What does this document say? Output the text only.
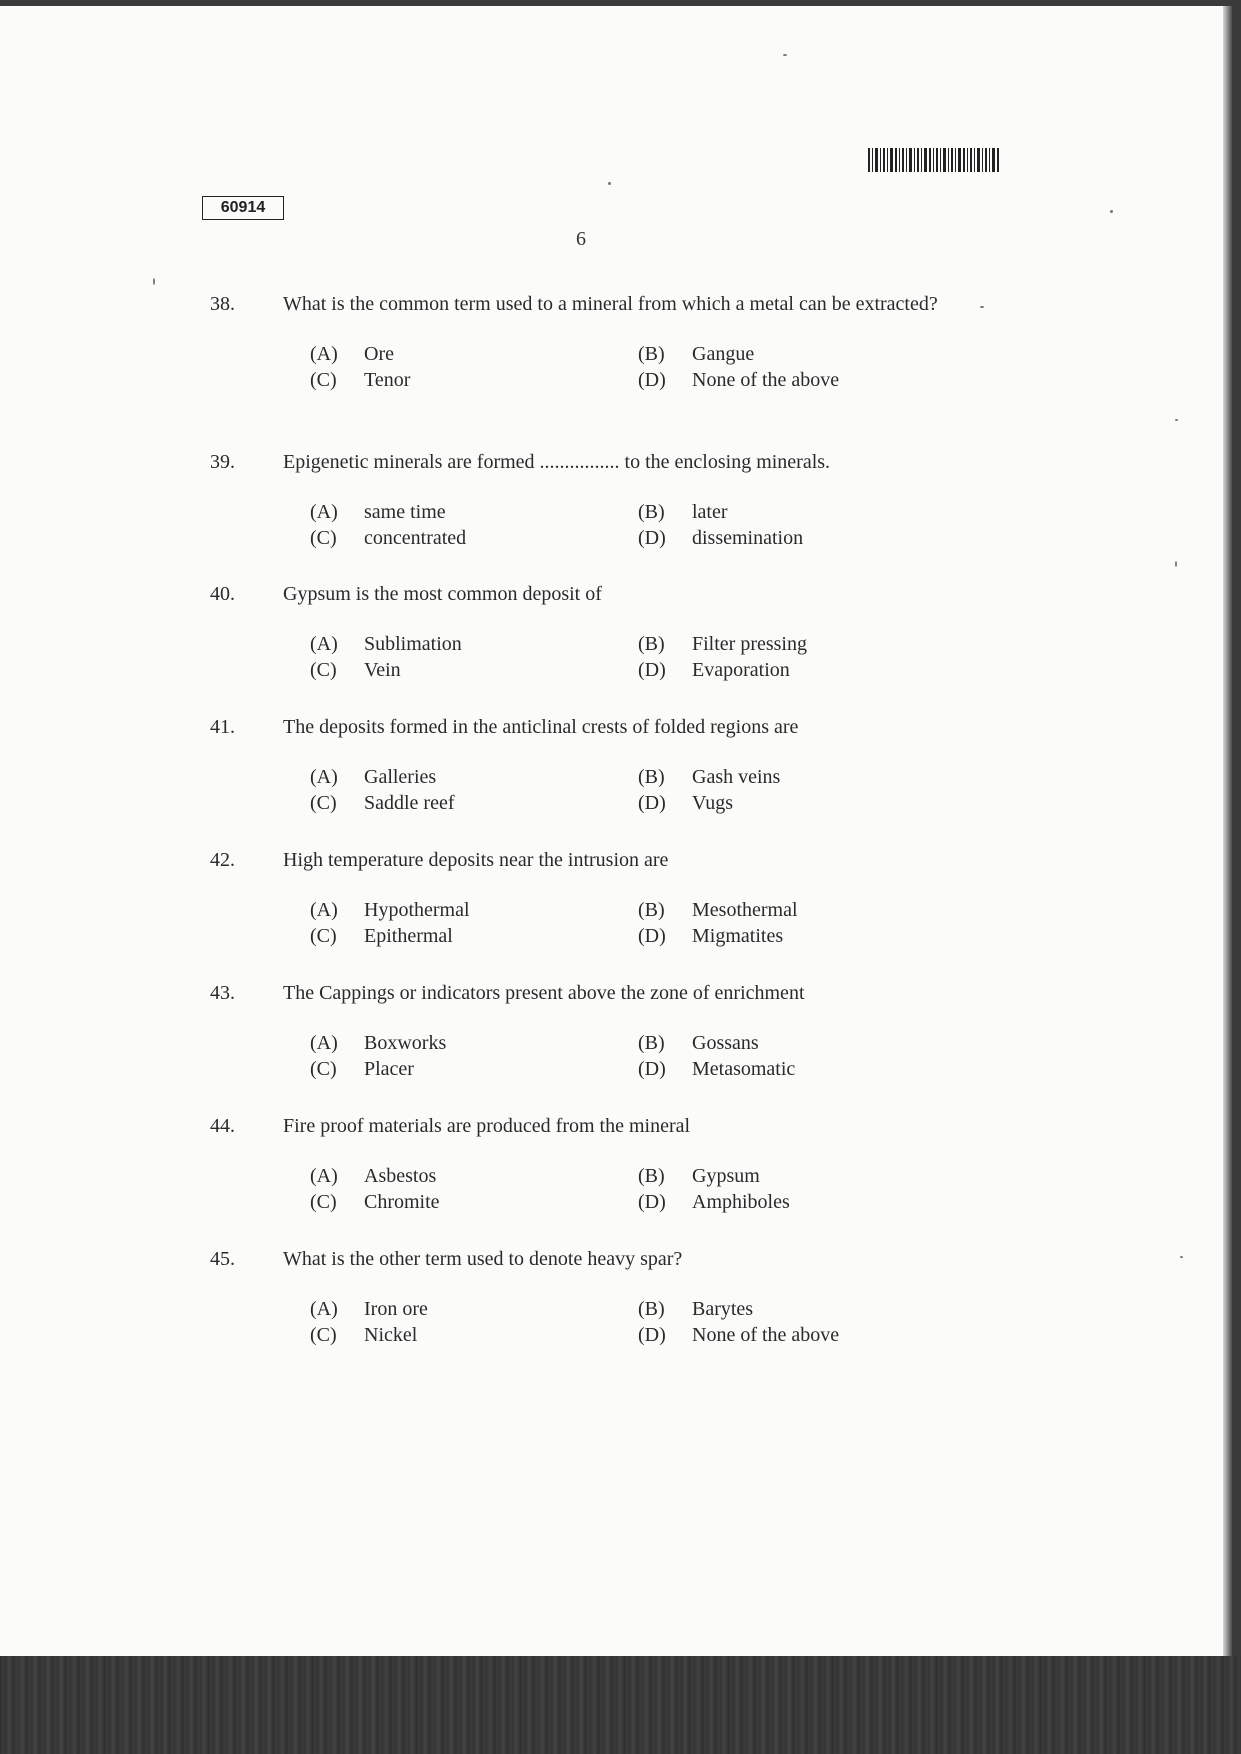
60914
6
38. What is the common term used to a mineral from which a metal can be extracted?
(A) Ore	(B) Gangue
(C) Tenor	(D) None of the above
39. Epigenetic minerals are formed ................ to the enclosing minerals.
(A) same time	(B) later
(C) concentrated	(D) dissemination
40. Gypsum is the most common deposit of
(A) Sublimation	(B) Filter pressing
(C) Vein	(D) Evaporation
41. The deposits formed in the anticlinal crests of folded regions are
(A) Galleries	(B) Gash veins
(C) Saddle reef	(D) Vugs
42. High temperature deposits near the intrusion are
(A) Hypothermal	(B) Mesothermal
(C) Epithermal	(D) Migmatites
43. The Cappings or indicators present above the zone of enrichment
(A) Boxworks	(B) Gossans
(C) Placer	(D) Metasomatic
44. Fire proof materials are produced from the mineral
(A) Asbestos	(B) Gypsum
(C) Chromite	(D) Amphiboles
45. What is the other term used to denote heavy spar?
(A) Iron ore	(B) Barytes
(C) Nickel	(D) None of the above
